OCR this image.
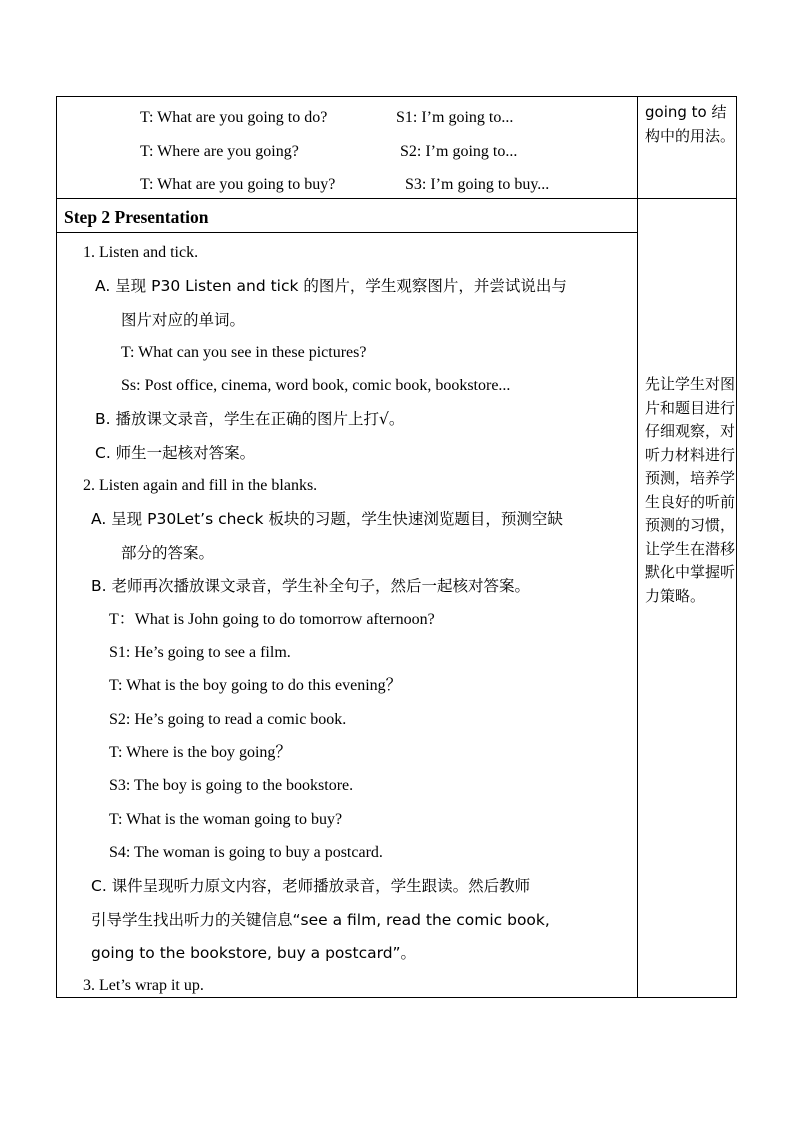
T: What are you going to do?	S1: I’m going to...
T: Where are you going?	S2: I’m going to...
T: What are you going to buy?	S3: I’m going to buy...
going to 结构中的用法。
Step 2 Presentation
1. Listen and tick.
A. 呈现 P30 Listen and tick 的图片，学生观察图片，并尝试说出与
图片对应的单词。
T: What can you see in these pictures?
Ss: Post office, cinema, word book, comic book, bookstore...
B. 播放课文录音，学生在正确的图片上打√。
C. 师生一起核对答案。
2. Listen again and fill in the blanks.
A. 呈现 P30Let’s check 板块的习题，学生快速浏览题目，预测空缺
部分的答案。
B. 老师再次播放课文录音，学生补全句子，然后一起核对答案。
T：What is John going to do tomorrow afternoon?
S1: He’s going to see a film.
T: What is the boy going to do this evening？
S2: He’s going to read a comic book.
T: Where is the boy going？
S3: The boy is going to the bookstore.
T: What is the woman going to buy?
S4: The woman is going to buy a postcard.
C. 课件呈现听力原文内容，老师播放录音，学生跟读。然后教师
引导学生找出听力的关键信息“see a film, read the comic book,
going to the bookstore, buy a postcard”。
3. Let’s wrap it up.
先让学生对图片和题目进行仔细观察，对听力材料进行预测，培养学生良好的听前预测的习惯，让学生在潜移默化中掌握听力策略。
